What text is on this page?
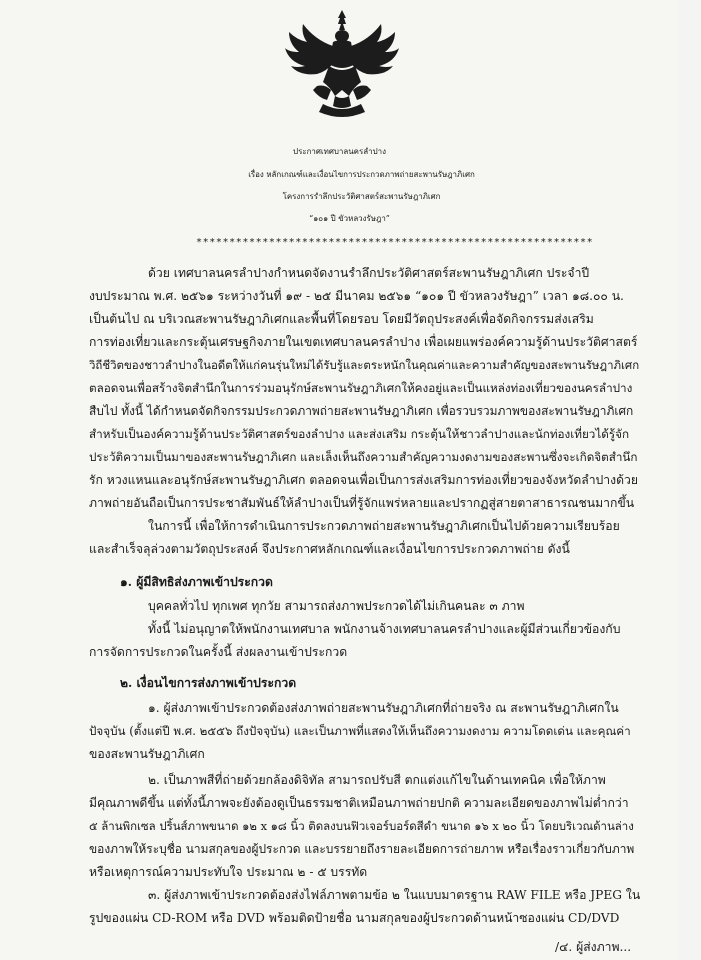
ประกาศเทศบาลนครลำปาง
เรื่อง หลักเกณฑ์และเงื่อนไขการประกวดภาพถ่ายสะพานรัษฎาภิเศก
โครงการรำลึกประวัติศาสตร์สะพานรัษฎาภิเศก
“๑๐๑ ปี ขัวหลวงรัษฎา”
************************************************************
ด้วย เทศบาลนครลำปางกำหนดจัดงานรำลึกประวัติศาสตร์สะพานรัษฎาภิเศก ประจำปี
งบประมาณ พ.ศ. ๒๕๖๑ ระหว่างวันที่ ๑๙ - ๒๕ มีนาคม ๒๕๖๑ “๑๐๑ ปี ขัวหลวงรัษฎา” เวลา ๑๘.๐๐ น.
เป็นต้นไป ณ บริเวณสะพานรัษฎาภิเศกและพื้นที่โดยรอบ โดยมีวัตถุประสงค์เพื่อจัดกิจกรรมส่งเสริม
การท่องเที่ยวและกระตุ้นเศรษฐกิจภายในเขตเทศบาลนครลำปาง เพื่อเผยแพร่องค์ความรู้ด้านประวัติศาสตร์
วิถีชีวิตของชาวลำปางในอดีตให้แก่คนรุ่นใหม่ได้รับรู้และตระหนักในคุณค่าและความสำคัญของสะพานรัษฎาภิเศก
ตลอดจนเพื่อสร้างจิตสำนึกในการร่วมอนุรักษ์สะพานรัษฎาภิเศกให้คงอยู่และเป็นแหล่งท่องเที่ยวของนครลำปาง
สืบไป ทั้งนี้ ได้กำหนดจัดกิจกรรมประกวดภาพถ่ายสะพานรัษฎาภิเศก เพื่อรวบรวมภาพของสะพานรัษฎาภิเศก
สำหรับเป็นองค์ความรู้ด้านประวัติศาสตร์ของลำปาง และส่งเสริม กระตุ้นให้ชาวลำปางและนักท่องเที่ยวได้รู้จัก
ประวัติความเป็นมาของสะพานรัษฎาภิเศก และเล็งเห็นถึงความสำคัญความงดงามของสะพานซึ่งจะเกิดจิตสำนึก
รัก หวงแหนและอนุรักษ์สะพานรัษฎาภิเศก ตลอดจนเพื่อเป็นการส่งเสริมการท่องเที่ยวของจังหวัดลำปางด้วย
ภาพถ่ายอันถือเป็นการประชาสัมพันธ์ให้ลำปางเป็นที่รู้จักแพร่หลายและปรากฏสู่สายตาสาธารณชนมากขึ้น
ในการนี้ เพื่อให้การดำเนินการประกวดภาพถ่ายสะพานรัษฎาภิเศกเป็นไปด้วยความเรียบร้อย
และสำเร็จลุล่วงตามวัตถุประสงค์ จึงประกาศหลักเกณฑ์และเงื่อนไขการประกวดภาพถ่าย ดังนี้
๑. ผู้มีสิทธิส่งภาพเข้าประกวด
บุคคลทั่วไป ทุกเพศ ทุกวัย สามารถส่งภาพประกวดได้ไม่เกินคนละ ๓ ภาพ
ทั้งนี้ ไม่อนุญาตให้พนักงานเทศบาล พนักงานจ้างเทศบาลนครลำปางและผู้มีส่วนเกี่ยวข้องกับ
การจัดการประกวดในครั้งนี้ ส่งผลงานเข้าประกวด
๒. เงื่อนไขการส่งภาพเข้าประกวด
๑. ผู้ส่งภาพเข้าประกวดต้องส่งภาพถ่ายสะพานรัษฎาภิเศกที่ถ่ายจริง ณ สะพานรัษฎาภิเศกใน
ปัจจุบัน (ตั้งแต่ปี พ.ศ. ๒๕๕๖ ถึงปัจจุบัน) และเป็นภาพที่แสดงให้เห็นถึงความงดงาม ความโดดเด่น และคุณค่า
ของสะพานรัษฎาภิเศก
๒. เป็นภาพสีที่ถ่ายด้วยกล้องดิจิทัล สามารถปรับสี ตกแต่งแก้ไขในด้านเทคนิค เพื่อให้ภาพ
มีคุณภาพดีขึ้น แต่ทั้งนี้ภาพจะยังต้องดูเป็นธรรมชาติเหมือนภาพถ่ายปกติ ความละเอียดของภาพไม่ต่ำกว่า
๕ ล้านพิกเซล ปริ้นส์ภาพขนาด ๑๒ x ๑๘ นิ้ว ติดลงบนฟิวเจอร์บอร์ดสีดำ ขนาด ๑๖ x ๒๐ นิ้ว โดยบริเวณด้านล่าง
ของภาพให้ระบุชื่อ นามสกุลของผู้ประกวด และบรรยายถึงรายละเอียดการถ่ายภาพ หรือเรื่องราวเกี่ยวกับภาพ
หรือเหตุการณ์ความประทับใจ ประมาณ ๒ - ๕ บรรทัด
๓. ผู้ส่งภาพเข้าประกวดต้องส่งไฟล์ภาพตามข้อ ๒ ในแบบมาตรฐาน RAW FILE หรือ JPEG ใน
รูปของแผ่น CD-ROM หรือ DVD พร้อมติดป้ายชื่อ นามสกุลของผู้ประกวดด้านหน้าซองแผ่น CD/DVD
/๔. ผู้ส่งภาพ...
